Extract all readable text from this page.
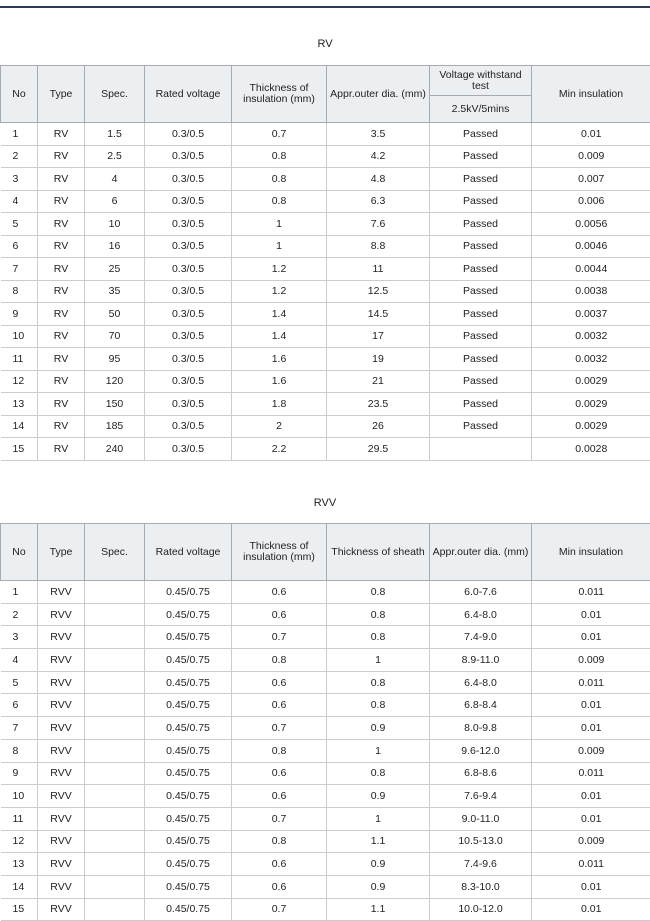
RV
No	Type	Spec.	Rated voltage	Thickness of insulation (mm)	Appr.outer dia. (mm)	Voltage withstand test	Min insulation
						2.5kV/5mins	
1	RV	1.5	0.3/0.5	0.7	3.5	Passed	0.01
2	RV	2.5	0.3/0.5	0.8	4.2	Passed	0.009
3	RV	4	0.3/0.5	0.8	4.8	Passed	0.007
4	RV	6	0.3/0.5	0.8	6.3	Passed	0.006
5	RV	10	0.3/0.5	1	7.6	Passed	0.0056
6	RV	16	0.3/0.5	1	8.8	Passed	0.0046
7	RV	25	0.3/0.5	1.2	11	Passed	0.0044
8	RV	35	0.3/0.5	1.2	12.5	Passed	0.0038
9	RV	50	0.3/0.5	1.4	14.5	Passed	0.0037
10	RV	70	0.3/0.5	1.4	17	Passed	0.0032
11	RV	95	0.3/0.5	1.6	19	Passed	0.0032
12	RV	120	0.3/0.5	1.6	21	Passed	0.0029
13	RV	150	0.3/0.5	1.8	23.5	Passed	0.0029
14	RV	185	0.3/0.5	2	26	Passed	0.0029
15	RV	240	0.3/0.5	2.2	29.5		0.0028
RVV
No	Type	Spec.	Rated voltage	Thickness of insulation (mm)	Thickness of sheath	Appr.outer dia. (mm)	Min insulation
1	RVV		0.45/0.75	0.6	0.8	6.0-7.6	0.011
2	RVV		0.45/0.75	0.6	0.8	6.4-8.0	0.01
3	RVV		0.45/0.75	0.7	0.8	7.4-9.0	0.01
4	RVV		0.45/0.75	0.8	1	8.9-11.0	0.009
5	RVV		0.45/0.75	0.6	0.8	6.4-8.0	0.011
6	RVV		0.45/0.75	0.6	0.8	6.8-8.4	0.01
7	RVV		0.45/0.75	0.7	0.9	8.0-9.8	0.01
8	RVV		0.45/0.75	0.8	1	9.6-12.0	0.009
9	RVV		0.45/0.75	0.6	0.8	6.8-8.6	0.011
10	RVV		0.45/0.75	0.6	0.9	7.6-9.4	0.01
11	RVV		0.45/0.75	0.7	1	9.0-11.0	0.01
12	RVV		0.45/0.75	0.8	1.1	10.5-13.0	0.009
13	RVV		0.45/0.75	0.6	0.9	7.4-9.6	0.011
14	RVV		0.45/0.75	0.6	0.9	8.3-10.0	0.01
15	RVV		0.45/0.75	0.7	1.1	10.0-12.0	0.01
